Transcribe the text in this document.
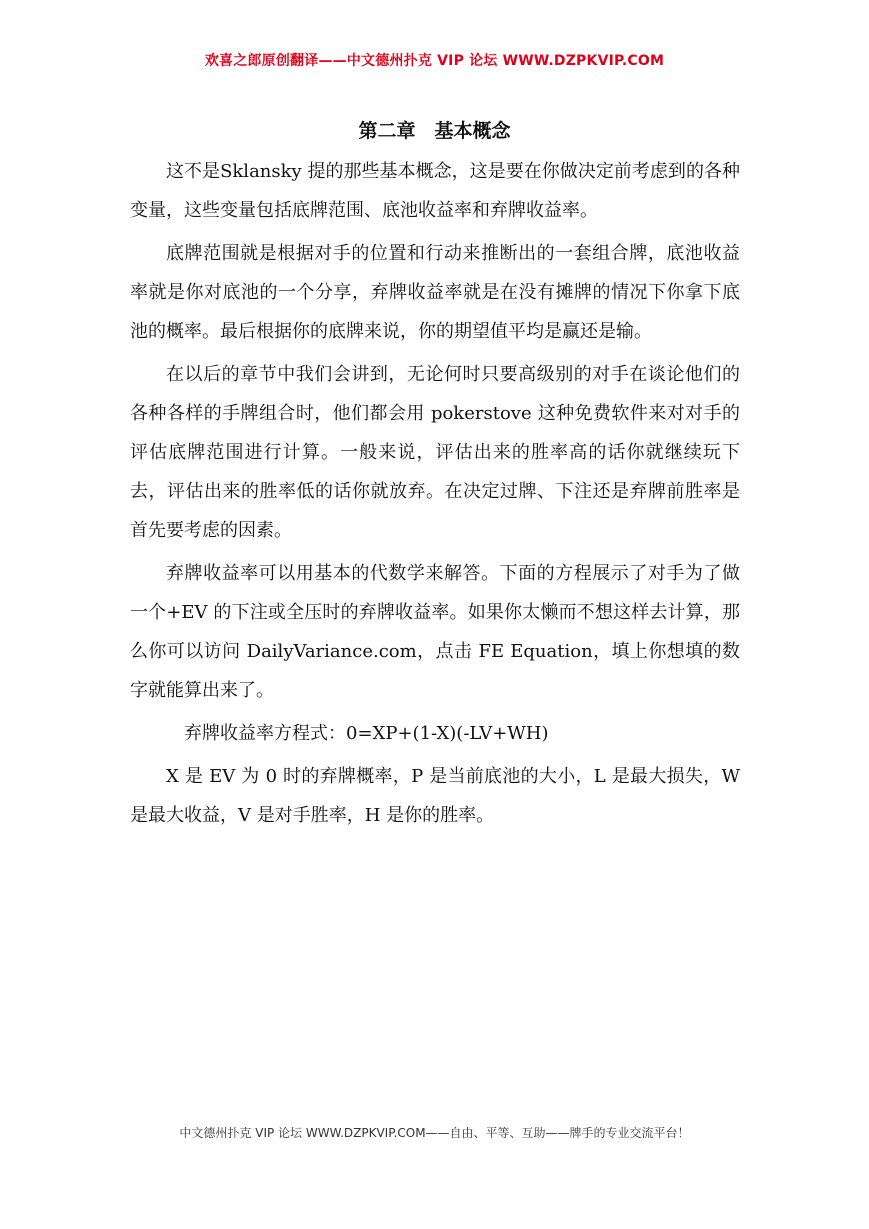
欢喜之郎原创翻译——中文德州扑克 VIP 论坛 WWW.DZPKVIP.COM
第二章　基本概念

这不是Sklansky 提的那些基本概念，这是要在你做决定前考虑到的各种变量，这些变量包括底牌范围、底池收益率和弃牌收益率。

底牌范围就是根据对手的位置和行动来推断出的一套组合牌，底池收益率就是你对底池的一个分享，弃牌收益率就是在没有摊牌的情况下你拿下底池的概率。最后根据你的底牌来说，你的期望值平均是赢还是输。

在以后的章节中我们会讲到，无论何时只要高级别的对手在谈论他们的各种各样的手牌组合时，他们都会用 pokerstove 这种免费软件来对对手的评估底牌范围进行计算。一般来说，评估出来的胜率高的话你就继续玩下去，评估出来的胜率低的话你就放弃。在决定过牌、下注还是弃牌前胜率是首先要考虑的因素。

弃牌收益率可以用基本的代数学来解答。下面的方程展示了对手为了做一个+EV 的下注或全压时的弃牌收益率。如果你太懒而不想这样去计算，那么你可以访问 DailyVariance.com，点击 FE Equation，填上你想填的数字就能算出来了。

弃牌收益率方程式：0=XP+(1-X)(-LV+WH)

X 是 EV 为 0 时的弃牌概率，P 是当前底池的大小，L 是最大损失，W 是最大收益，V 是对手胜率，H 是你的胜率。

中文德州扑克 VIP 论坛 WWW.DZPKVIP.COM——自由、平等、互助——牌手的专业交流平台！
